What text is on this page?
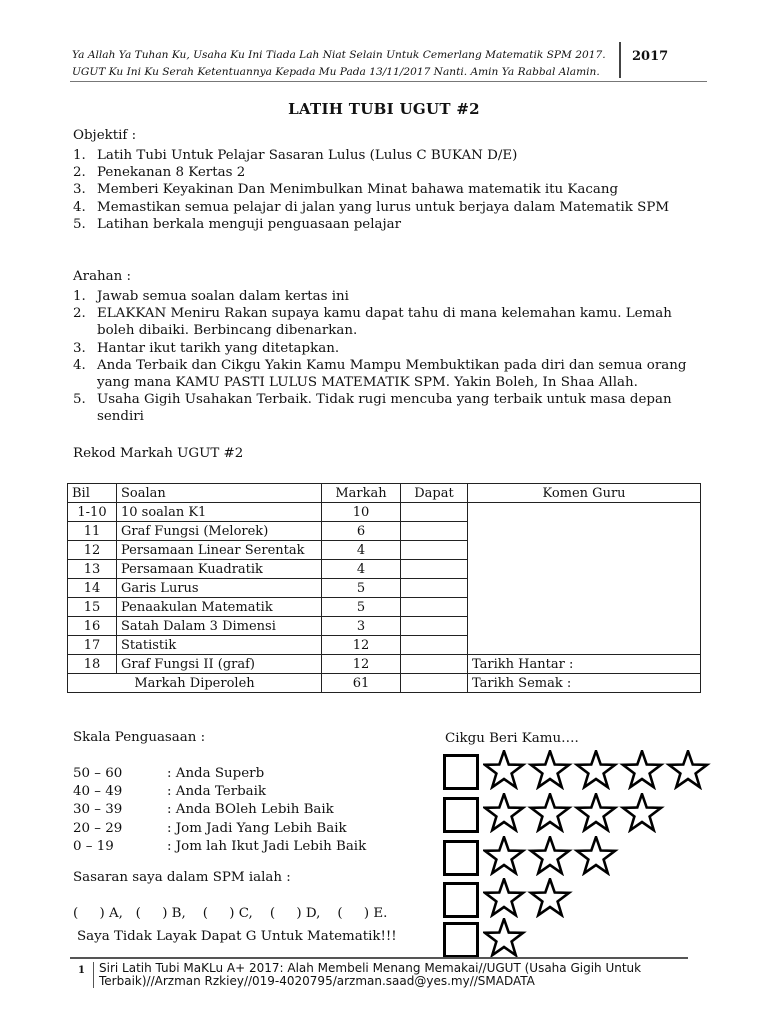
Ya Allah Ya Tuhan Ku, Usaha Ku Ini Tiada Lah Niat Selain Untuk Cemerlang Matematik SPM 2017.
UGUT Ku Ini Ku Serah Ketentuannya Kepada Mu Pada 13/11/2017 Nanti. Amin Ya Rabbal Alamin.
2017
LATIH TUBI UGUT #2
Objektif :
1. Latih Tubi Untuk Pelajar Sasaran Lulus (Lulus C BUKAN D/E)
2. Penekanan 8 Kertas 2
3. Memberi Keyakinan Dan Menimbulkan Minat bahawa matematik itu Kacang
4. Memastikan semua pelajar di jalan yang lurus untuk berjaya dalam Matematik SPM
5. Latihan berkala menguji penguasaan pelajar
Arahan :
1. Jawab semua soalan dalam kertas ini
2. ELAKKAN Meniru Rakan supaya kamu dapat tahu di mana kelemahan kamu. Lemah boleh dibaiki. Berbincang dibenarkan.
3. Hantar ikut tarikh yang ditetapkan.
4. Anda Terbaik dan Cikgu Yakin Kamu Mampu Membuktikan pada diri dan semua orang yang mana KAMU PASTI LULUS MATEMATIK SPM. Yakin Boleh, In Shaa Allah.
5. Usaha Gigih Usahakan Terbaik. Tidak rugi mencuba yang terbaik untuk masa depan sendiri
Rekod Markah UGUT #2
Bil	Soalan	Markah	Dapat	Komen Guru
1-10	10 soalan K1	10		
11	Graf Fungsi (Melorek)	6		
12	Persamaan Linear Serentak	4		
13	Persamaan Kuadratik	4		
14	Garis Lurus	5		
15	Penaakulan Matematik	5		
16	Satah Dalam 3 Dimensi	3		
17	Statistik	12		
18	Graf Fungsi II (graf)	12		Tarikh Hantar :
Markah Diperoleh		61		Tarikh Semak :
Skala Penguasaan :
50 – 60	: Anda Superb
40 – 49	: Anda Terbaik
30 – 39	: Anda BOleh Lebih Baik
20 – 29	: Jom Jadi Yang Lebih Baik
0 – 19	: Jom lah Ikut Jadi Lebih Baik
Sasaran saya dalam SPM ialah :
(     ) A,   (     ) B,    (     ) C,    (     ) D,    (     ) E.
Saya Tidak Layak Dapat G Untuk Matematik!!!
Cikgu Beri Kamu….
1 Siri Latih Tubi MaKLu A+ 2017: Alah Membeli Menang Memakai//UGUT (Usaha Gigih Untuk Terbaik)//Arzman Rzkiey//019-4020795/arzman.saad@yes.my//SMADATA
